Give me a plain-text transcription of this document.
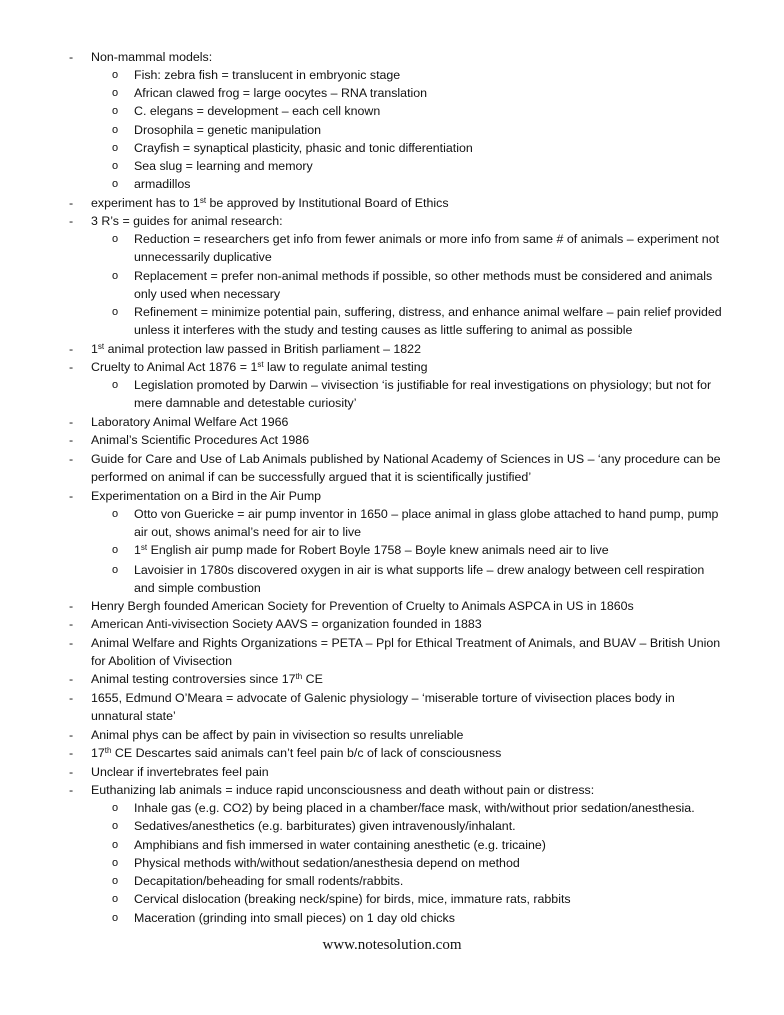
- Non-mammal models:
o Fish: zebra fish = translucent in embryonic stage
o African clawed frog = large oocytes – RNA translation
o C. elegans = development – each cell known
o Drosophila = genetic manipulation
o Crayfish = synaptical plasticity, phasic and tonic differentiation
o Sea slug = learning and memory
o armadillos
- experiment has to 1st be approved by Institutional Board of Ethics
- 3 R’s = guides for animal research:
o Reduction = researchers get info from fewer animals or more info from same # of animals – experiment not unnecessarily duplicative
o Replacement = prefer non-animal methods if possible, so other methods must be considered and animals only used when necessary
o Refinement = minimize potential pain, suffering, distress, and enhance animal welfare – pain relief provided unless it interferes with the study and testing causes as little suffering to animal as possible
- 1st animal protection law passed in British parliament – 1822
- Cruelty to Animal Act 1876 = 1st law to regulate animal testing
o Legislation promoted by Darwin – vivisection ‘is justifiable for real investigations on physiology; but not for mere damnable and detestable curiosity’
- Laboratory Animal Welfare Act 1966
- Animal’s Scientific Procedures Act 1986
- Guide for Care and Use of Lab Animals published by National Academy of Sciences in US – ‘any procedure can be performed on animal if can be successfully argued that it is scientifically justified’
- Experimentation on a Bird in the Air Pump
o Otto von Guericke = air pump inventor in 1650 – place animal in glass globe attached to hand pump, pump air out, shows animal’s need for air to live
o 1st English air pump made for Robert Boyle 1758 – Boyle knew animals need air to live
o Lavoisier in 1780s discovered oxygen in air is what supports life – drew analogy between cell respiration and simple combustion
- Henry Bergh founded American Society for Prevention of Cruelty to Animals ASPCA in US in 1860s
- American Anti-vivisection Society AAVS = organization founded in 1883
- Animal Welfare and Rights Organizations = PETA – Ppl for Ethical Treatment of Animals, and BUAV – British Union for Abolition of Vivisection
- Animal testing controversies since 17th CE
- 1655, Edmund O’Meara = advocate of Galenic physiology – ‘miserable torture of vivisection places body in unnatural state’
- Animal phys can be affect by pain in vivisection so results unreliable
- 17th CE Descartes said animals can’t feel pain b/c of lack of consciousness
- Unclear if invertebrates feel pain
- Euthanizing lab animals = induce rapid unconsciousness and death without pain or distress:
o Inhale gas (e.g. CO2) by being placed in a chamber/face mask, with/without prior sedation/anesthesia.
o Sedatives/anesthetics (e.g. barbiturates) given intravenously/inhalant.
o Amphibians and fish immersed in water containing anesthetic (e.g. tricaine)
o Physical methods with/without sedation/anesthesia depend on method
o Decapitation/beheading for small rodents/rabbits.
o Cervical dislocation (breaking neck/spine) for birds, mice, immature rats, rabbits
o Maceration (grinding into small pieces) on 1 day old chicks
www.notesolution.com
